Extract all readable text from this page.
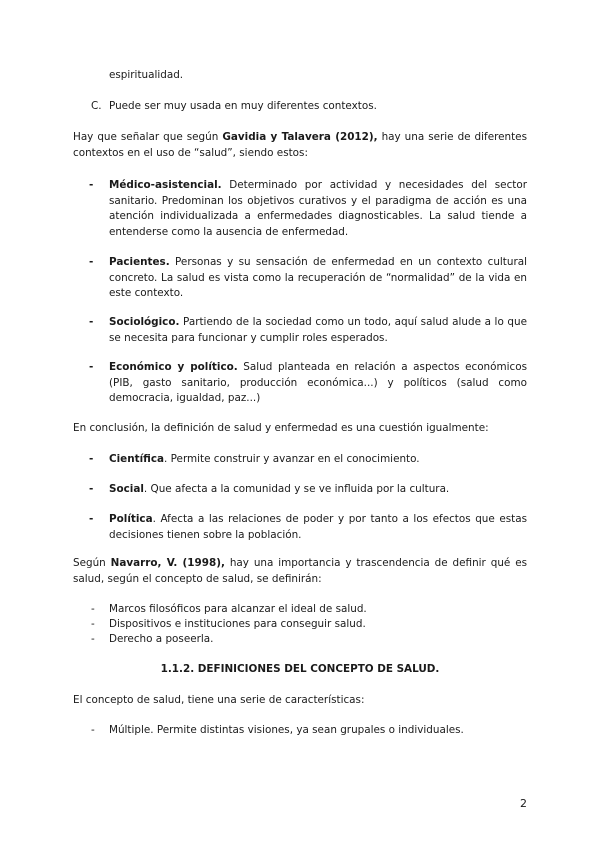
espiritualidad.
C. Puede ser muy usada en muy diferentes contextos.
Hay que señalar que según Gavidia y Talavera (2012), hay una serie de diferentes contextos en el uso de “salud”, siendo estos:
- Médico-asistencial. Determinado por actividad y necesidades del sector sanitario. Predominan los objetivos curativos y el paradigma de acción es una atención individualizada a enfermedades diagnosticables. La salud tiende a entenderse como la ausencia de enfermedad.
- Pacientes. Personas y su sensación de enfermedad en un contexto cultural concreto. La salud es vista como la recuperación de “normalidad” de la vida en este contexto.
- Sociológico. Partiendo de la sociedad como un todo, aquí salud alude a lo que se necesita para funcionar y cumplir roles esperados.
- Económico y político. Salud planteada en relación a aspectos económicos (PIB, gasto sanitario, producción económica...) y políticos (salud como democracia, igualdad, paz...)
En conclusión, la definición de salud y enfermedad es una cuestión igualmente:
- Científica. Permite construir y avanzar en el conocimiento.
- Social. Que afecta a la comunidad y se ve influida por la cultura.
- Política. Afecta a las relaciones de poder y por tanto a los efectos que estas decisiones tienen sobre la población.
Según Navarro, V. (1998), hay una importancia y trascendencia de definir qué es salud, según el concepto de salud, se definirán:
- Marcos filosóficos para alcanzar el ideal de salud.
- Dispositivos e instituciones para conseguir salud.
- Derecho a poseerla.
1.1.2. DEFINICIONES DEL CONCEPTO DE SALUD.
El concepto de salud, tiene una serie de características:
- Múltiple. Permite distintas visiones, ya sean grupales o individuales.
2
